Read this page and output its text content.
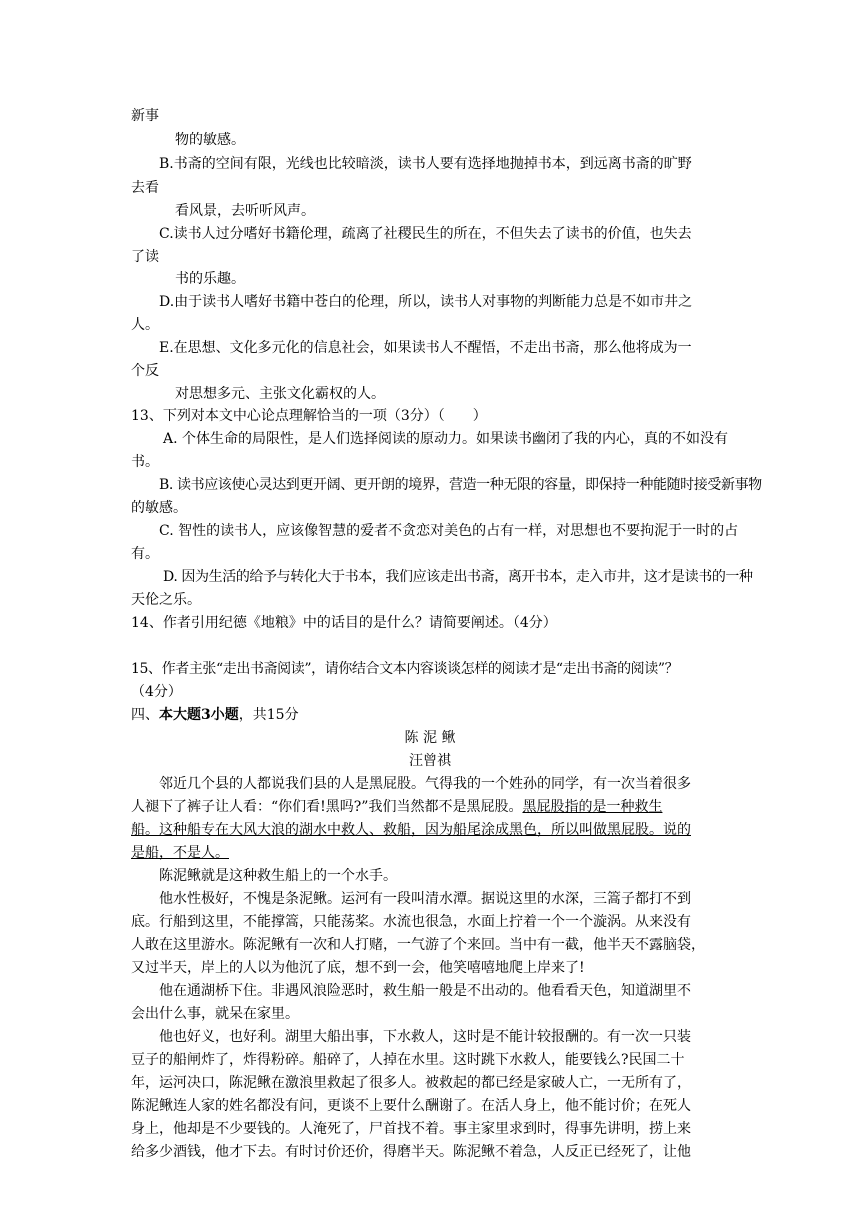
新事
物的敏感。
B.书斋的空间有限，光线也比较暗淡，读书人要有选择地抛掉书本，到远离书斋的旷野
去看
看风景，去听听风声。
C.读书人过分嗜好书籍伦理，疏离了社稷民生的所在，不但失去了读书的价值，也失去
了读
书的乐趣。
D.由于读书人嗜好书籍中苍白的伦理，所以，读书人对事物的判断能力总是不如市井之
人。
E.在思想、文化多元化的信息社会，如果读书人不醒悟，不走出书斋，那么他将成为一
个反
对思想多元、主张文化霸权的人。
13、下列对本文中心论点理解恰当的一项（3分）（　　）
A. 个体生命的局限性，是人们选择阅读的原动力。如果读书幽闭了我的内心，真的不如没有
书。
B. 读书应该使心灵达到更开阔、更开朗的境界，营造一种无限的容量，即保持一种能随时接受新事物
的敏感。
C. 智性的读书人，应该像智慧的爱者不贪恋对美色的占有一样，对思想也不要拘泥于一时的占
有。
D. 因为生活的给予与转化大于书本，我们应该走出书斋，离开书本，走入市井，这才是读书的一种
天伦之乐。
14、作者引用纪德《地粮》中的话目的是什么？请简要阐述。（4分）
15、作者主张“走出书斋阅读”，请你结合文本内容谈谈怎样的阅读才是“走出书斋的阅读”？
（4分）
四、本大题3小题，共15分
陈 泥 鳅
汪曾祺
邻近几个县的人都说我们县的人是黑屁股。气得我的一个姓孙的同学，有一次当着很多
人褪下了裤子让人看：“你们看!黑吗?”我们当然都不是黑屁股。黑屁股指的是一种救生
船。这种船专在大风大浪的湖水中救人、救船，因为船尾涂成黑色，所以叫做黑屁股。说的
是船，不是人。
陈泥鳅就是这种救生船上的一个水手。
他水性极好，不愧是条泥鳅。运河有一段叫清水潭。据说这里的水深，三篙子都打不到
底。行船到这里，不能撑篙，只能荡桨。水流也很急，水面上拧着一个一个漩涡。从来没有
人敢在这里游水。陈泥鳅有一次和人打赌，一气游了个来回。当中有一截，他半天不露脑袋，
又过半天，岸上的人以为他沉了底，想不到一会，他笑嘻嘻地爬上岸来了!
他在通湖桥下住。非遇风浪险恶时，救生船一般是不出动的。他看看天色，知道湖里不
会出什么事，就呆在家里。
他也好义，也好利。湖里大船出事，下水救人，这时是不能计较报酬的。有一次一只装
豆子的船闸炸了，炸得粉碎。船碎了，人掉在水里。这时跳下水救人，能要钱么?民国二十
年，运河决口，陈泥鳅在激浪里救起了很多人。被救起的都已经是家破人亡，一无所有了，
陈泥鳅连人家的姓名都没有问，更谈不上要什么酬谢了。在活人身上，他不能讨价；在死人
身上，他却是不少要钱的。人淹死了，尸首找不着。事主家里求到时，得事先讲明，捞上来
给多少酒钱，他才下去。有时讨价还价，得磨半天。陈泥鳅不着急，人反正已经死了，让他
